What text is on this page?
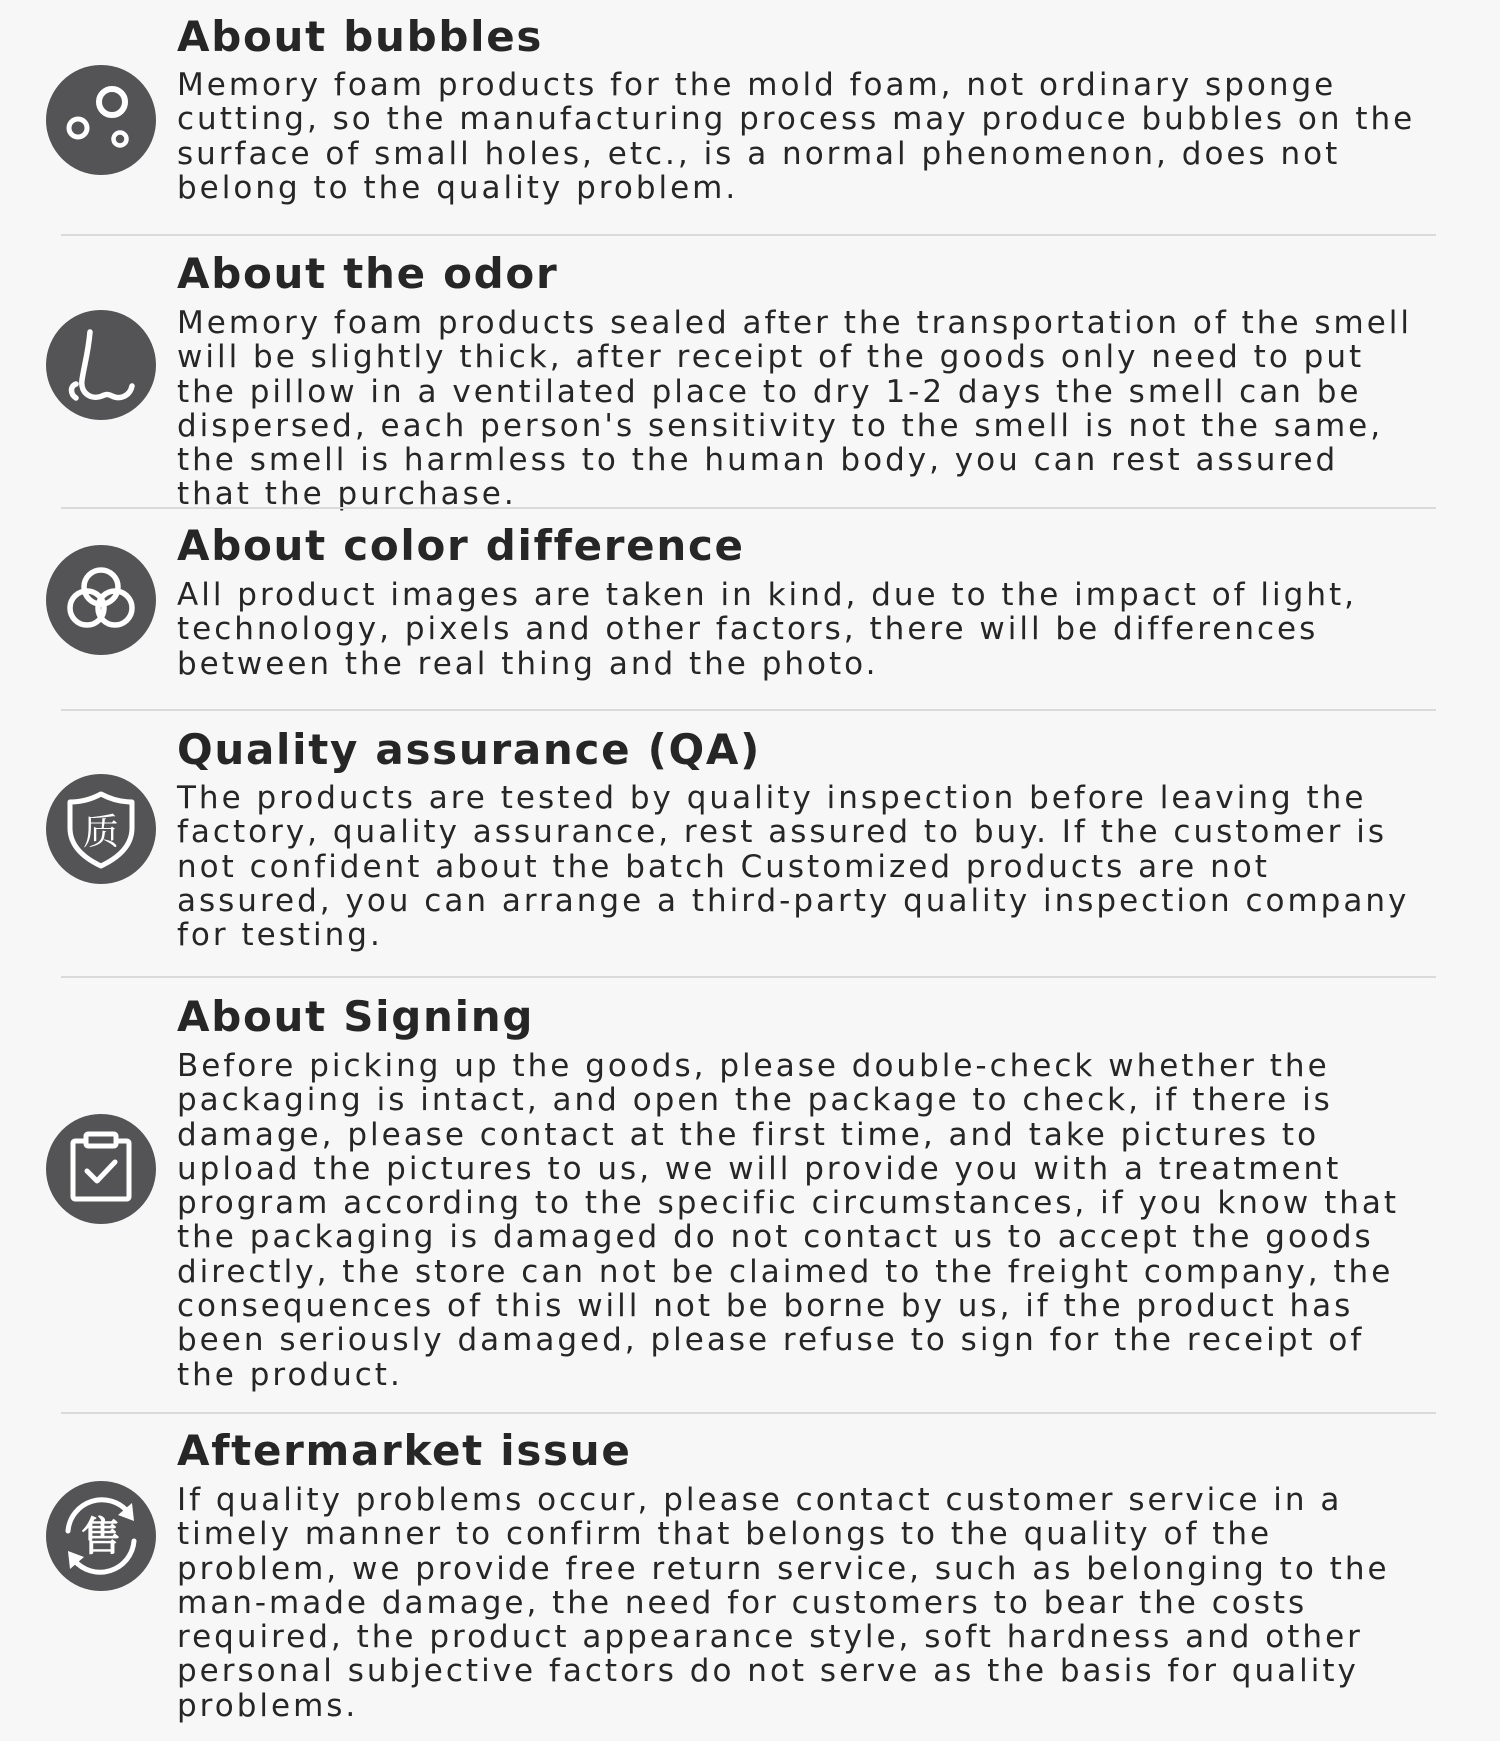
About bubbles

Memory foam products for the mold foam, not ordinary sponge cutting, so the manufacturing process may produce bubbles on the surface of small holes, etc., is a normal phenomenon, does not belong to the quality problem.

About the odor

Memory foam products sealed after the transportation of the smell will be slightly thick, after receipt of the goods only need to put the pillow in a ventilated place to dry 1-2 days the smell can be dispersed, each person's sensitivity to the smell is not the same, the smell is harmless to the human body, you can rest assured that the purchase.

About color difference

All product images are taken in kind, due to the impact of light, technology, pixels and other factors, there will be differences between the real thing and the photo.

质
Quality assurance (QA)

The products are tested by quality inspection before leaving the factory, quality assurance, rest assured to buy. If the customer is not confident about the batch Customized products are not assured, you can arrange a third-party quality inspection company for testing.

About Signing

Before picking up the goods, please double-check whether the packaging is intact, and open the package to check, if there is damage, please contact at the first time, and take pictures to upload the pictures to us, we will provide you with a treatment program according to the specific circumstances, if you know that the packaging is damaged do not contact us to accept the goods directly, the store can not be claimed to the freight company, the consequences of this will not be borne by us, if the product has been seriously damaged, please refuse to sign for the receipt of the product.

售
Aftermarket issue

If quality problems occur, please contact customer service in a timely manner to confirm that belongs to the quality of the problem, we provide free return service, such as belonging to the man-made damage, the need for customers to bear the costs required, the product appearance style, soft hardness and other personal subjective factors do not serve as the basis for quality problems.
